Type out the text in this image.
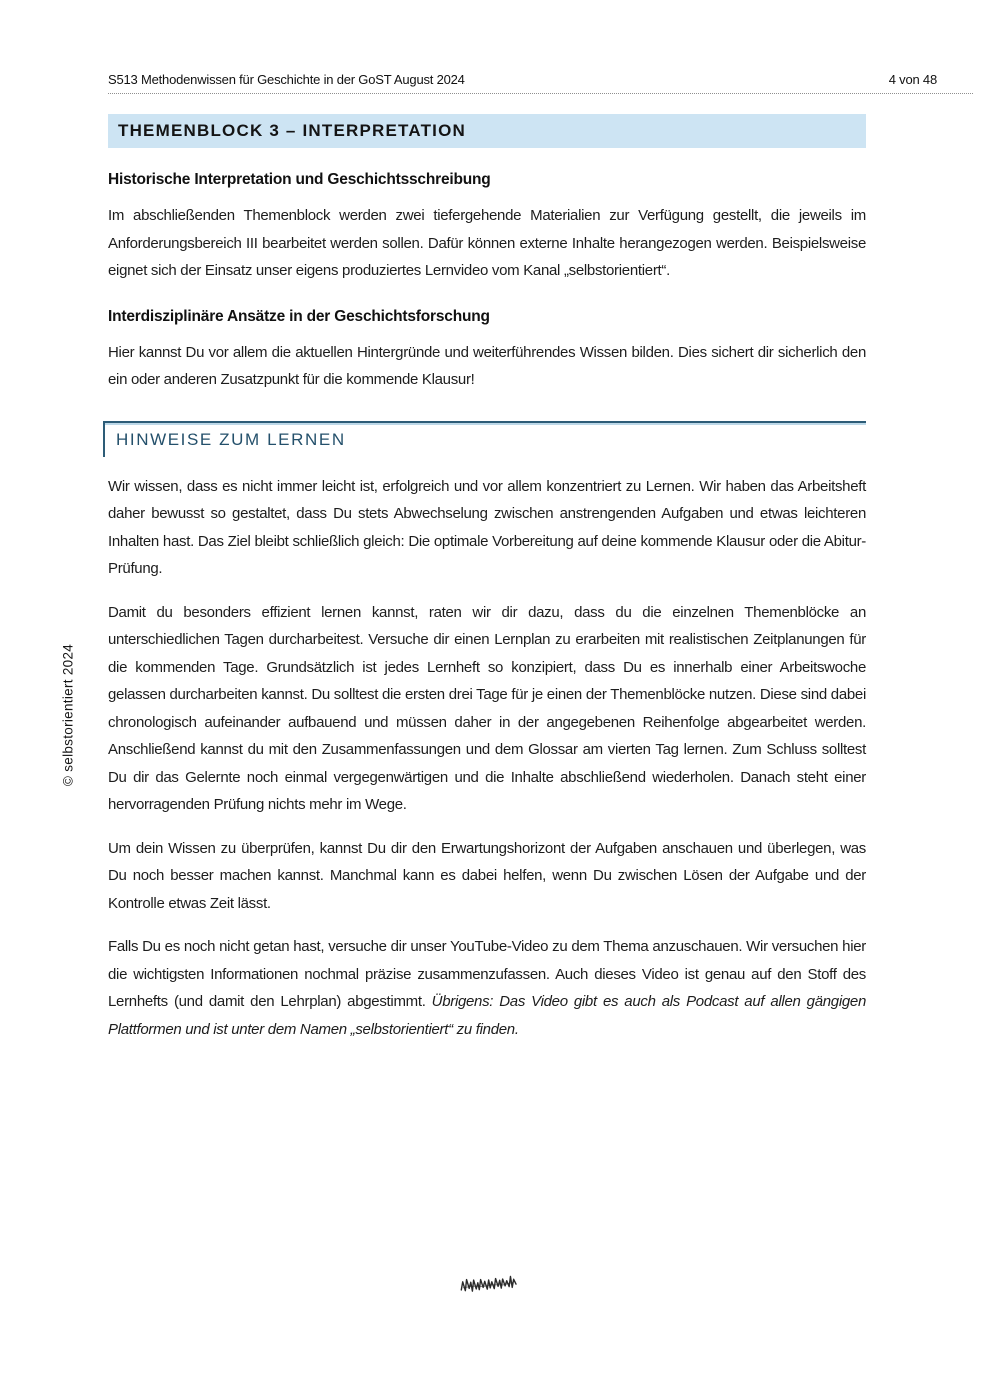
S513 Methodenwissen für Geschichte in der GoST August 2024	4 von 48
© selbstorientiert 2024
THEMENBLOCK 3 – INTERPRETATION
Historische Interpretation und Geschichtsschreibung

Im abschließenden Themenblock werden zwei tiefergehende Materialien zur Verfügung gestellt, die jeweils im Anforderungsbereich III bearbeitet werden sollen. Dafür können externe Inhalte herangezogen werden. Beispielsweise eignet sich der Einsatz unser eigens produziertes Lernvideo vom Kanal „selbstorientiert“.

Interdisziplinäre Ansätze in der Geschichtsforschung

Hier kannst Du vor allem die aktuellen Hintergründe und weiterführendes Wissen bilden. Dies sichert dir sicherlich den ein oder anderen Zusatzpunkt für die kommende Klausur!

HINWEISE ZUM LERNEN

Wir wissen, dass es nicht immer leicht ist, erfolgreich und vor allem konzentriert zu Lernen. Wir haben das Arbeitsheft daher bewusst so gestaltet, dass Du stets Abwechselung zwischen anstrengenden Aufgaben und etwas leichteren Inhalten hast. Das Ziel bleibt schließlich gleich: Die optimale Vorbereitung auf deine kommende Klausur oder die Abitur-Prüfung.

Damit du besonders effizient lernen kannst, raten wir dir dazu, dass du die einzelnen Themenblöcke an unterschiedlichen Tagen durcharbeitest. Versuche dir einen Lernplan zu erarbeiten mit realistischen Zeitplanungen für die kommenden Tage. Grundsätzlich ist jedes Lernheft so konzipiert, dass Du es innerhalb einer Arbeitswoche gelassen durcharbeiten kannst. Du solltest die ersten drei Tage für je einen der Themenblöcke nutzen. Diese sind dabei chronologisch aufeinander aufbauend und müssen daher in der angegebenen Reihenfolge abgearbeitet werden. Anschließend kannst du mit den Zusammenfassungen und dem Glossar am vierten Tag lernen. Zum Schluss solltest Du dir das Gelernte noch einmal vergegenwärtigen und die Inhalte abschließend wiederholen. Danach steht einer hervorragenden Prüfung nichts mehr im Wege.

Um dein Wissen zu überprüfen, kannst Du dir den Erwartungshorizont der Aufgaben anschauen und überlegen, was Du noch besser machen kannst. Manchmal kann es dabei helfen, wenn Du zwischen Lösen der Aufgabe und der Kontrolle etwas Zeit lässt.

Falls Du es noch nicht getan hast, versuche dir unser YouTube-Video zu dem Thema anzuschauen. Wir versuchen hier die wichtigsten Informationen nochmal präzise zusammenzufassen. Auch dieses Video ist genau auf den Stoff des Lernhefts (und damit den Lehrplan) abgestimmt. Übrigens: Das Video gibt es auch als Podcast auf allen gängigen Plattformen und ist unter dem Namen „selbstorientiert“ zu finden.
